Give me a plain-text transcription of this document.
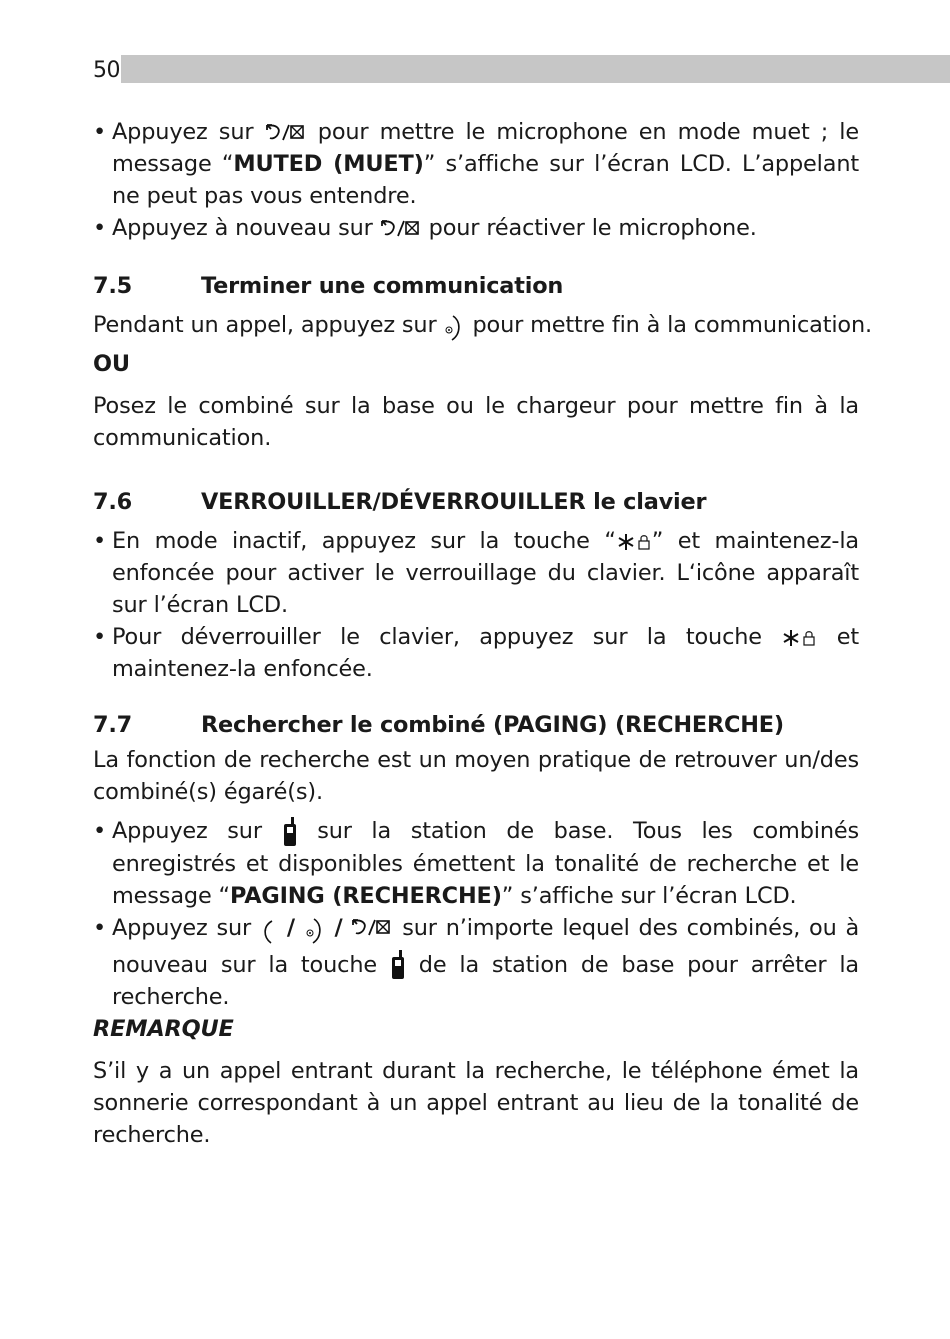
50

• Appuyez sur	pour mettre le microphone en mode muet ; le message “MUTED (MUET)” s’affiche sur l’écran LCD. L’appelant ne peut pas vous entendre.

• Appuyez à nouveau sur pour réactiver le microphone.

7.5	Terminer une communication

Pendant un appel, appuyez sur pour mettre fin à la communication.

OU

Posez le combiné sur la base ou le chargeur pour mettre fin à la communication.

7.6	VERROUILLER/DÉVERROUILLER le clavier

• En mode inactif, appuyez sur la touche “ ” et maintenez-la enfoncée pour activer le verrouillage du clavier. L‘icône apparaît sur l’écran LCD.

• Pour déverrouiller le clavier, appuyez sur la touche	et maintenez-la enfoncée.

7.7	Rechercher le combiné (PAGING) (RECHERCHE)

La fonction de recherche est un moyen pratique de retrouver un/des combiné(s) égaré(s).

• Appuyez sur sur la station de base. Tous les combinés enregistrés et disponibles émettent la tonalité de recherche et le message “PAGING (RECHERCHE)” s’affiche sur l’écran LCD.

• Appuyez sur / /	sur n’importe lequel des combinés, ou à nouveau sur la touche de la station de base pour arrêter la recherche.

REMARQUE

S’il y a un appel entrant durant la recherche, le téléphone émet la sonnerie correspondant à un appel entrant au lieu de la tonalité de recherche.
